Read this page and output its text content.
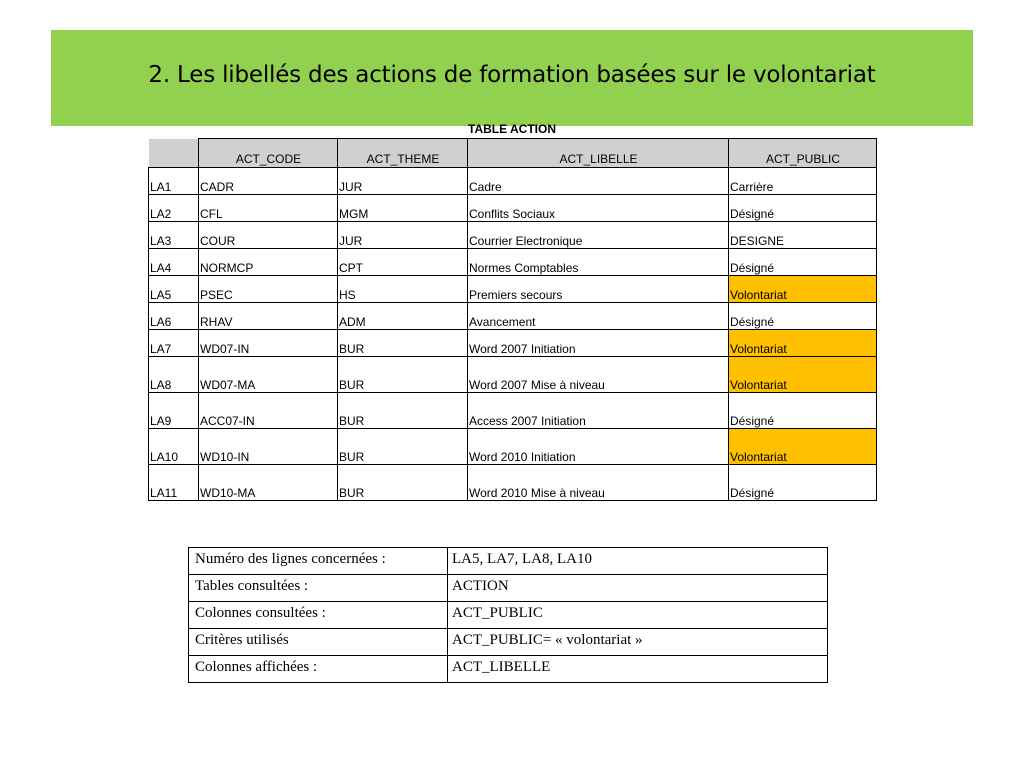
2. Les libellés des actions de formation basées sur le volontariat
TABLE ACTION
	ACT_CODE	ACT_THEME	ACT_LIBELLE	ACT_PUBLIC
LA1	CADR	JUR	Cadre	Carrière
LA2	CFL	MGM	Conflits Sociaux	Désigné
LA3	COUR	JUR	Courrier Electronique	DESIGNE
LA4	NORMCP	CPT	Normes Comptables	Désigné
LA5	PSEC	HS	Premiers secours	Volontariat
LA6	RHAV	ADM	Avancement	Désigné
LA7	WD07-IN	BUR	Word 2007 Initiation	Volontariat
LA8	WD07-MA	BUR	Word 2007 Mise à niveau	Volontariat
LA9	ACC07-IN	BUR	Access 2007 Initiation	Désigné
LA10	WD10-IN	BUR	Word 2010 Initiation	Volontariat
LA11	WD10-MA	BUR	Word 2010 Mise à niveau	Désigné
Numéro des lignes concernées :	LA5, LA7, LA8, LA10
Tables consultées :	ACTION
Colonnes consultées :	ACT_PUBLIC
Critères utilisés	ACT_PUBLIC= « volontariat »
Colonnes affichées :	ACT_LIBELLE
